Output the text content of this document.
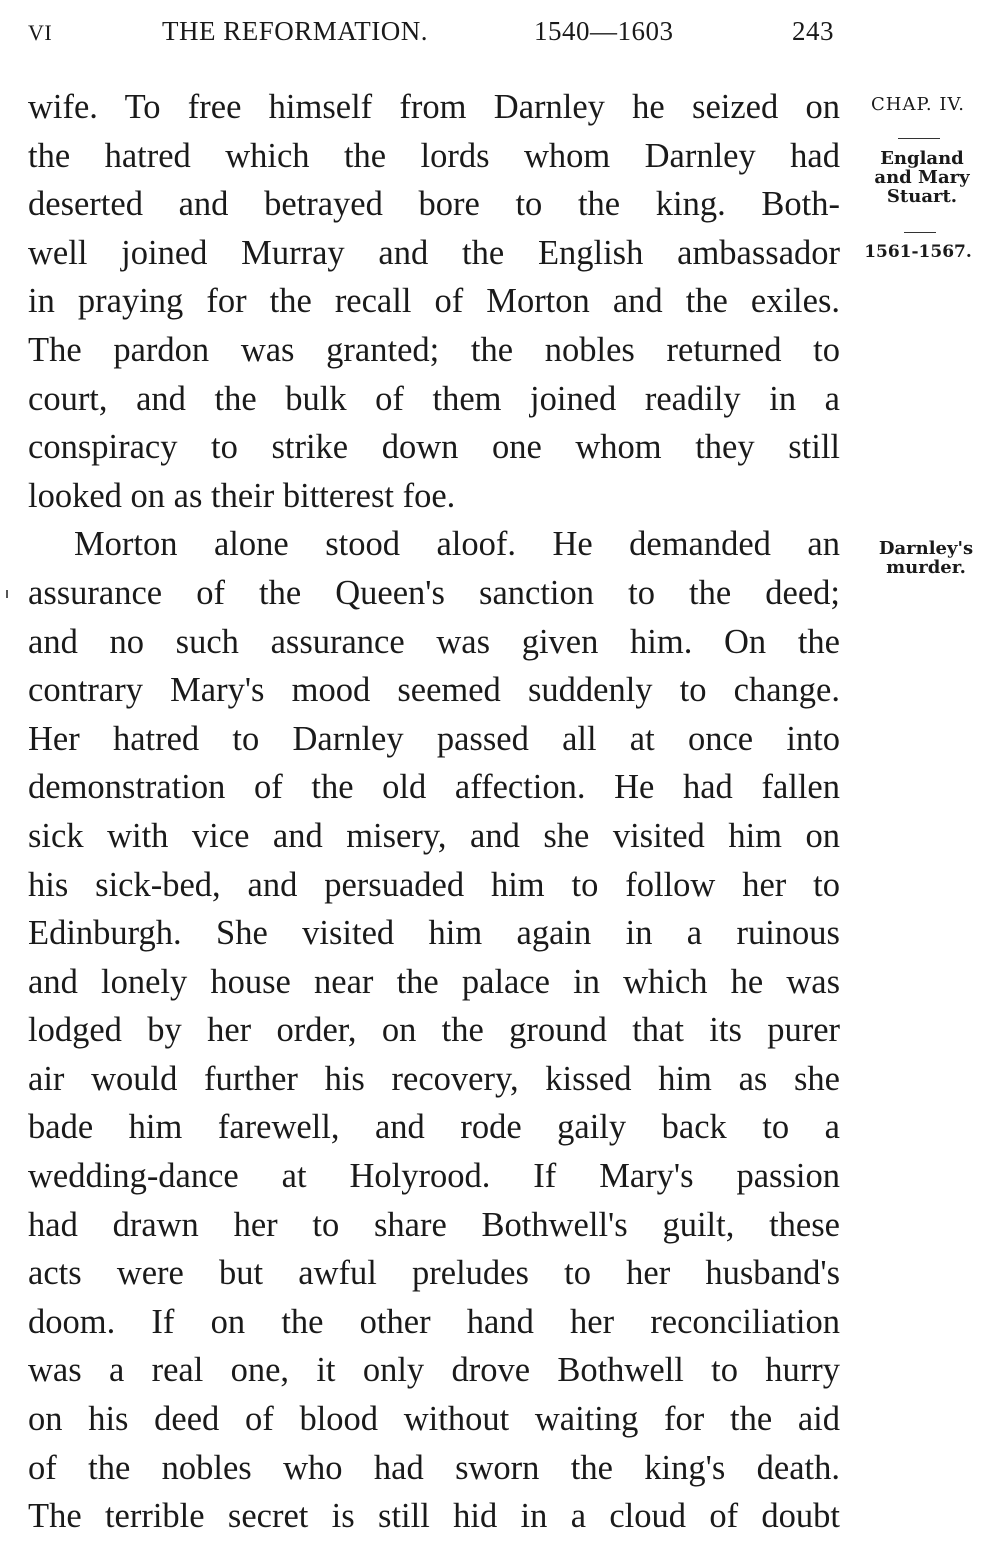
VI	THE REFORMATION.	1540—1603	243
wife. To free himself from Darnley he seized on
the hatred which the lords whom Darnley had
deserted and betrayed bore to the king. Both-
well joined Murray and the English ambassador
in praying for the recall of Morton and the exiles.
The pardon was granted; the nobles returned to
court, and the bulk of them joined readily in a
conspiracy to strike down one whom they still
looked on as their bitterest foe.
Morton alone stood aloof. He demanded an
assurance of the Queen's sanction to the deed;
and no such assurance was given him. On the
contrary Mary's mood seemed suddenly to change.
Her hatred to Darnley passed all at once into
demonstration of the old affection. He had fallen
sick with vice and misery, and she visited him on
his sick-bed, and persuaded him to follow her to
Edinburgh. She visited him again in a ruinous
and lonely house near the palace in which he was
lodged by her order, on the ground that its purer
air would further his recovery, kissed him as she
bade him farewell, and rode gaily back to a
wedding-dance at Holyrood. If Mary's passion
had drawn her to share Bothwell's guilt, these
acts were but awful preludes to her husband's
doom. If on the other hand her reconciliation
was a real one, it only drove Bothwell to hurry
on his deed of blood without waiting for the aid
of the nobles who had sworn the king's death.
The terrible secret is still hid in a cloud of doubt
CHAP. IV.
England
and Mary
Stuart.
1561-1567.
Darnley's
murder.
